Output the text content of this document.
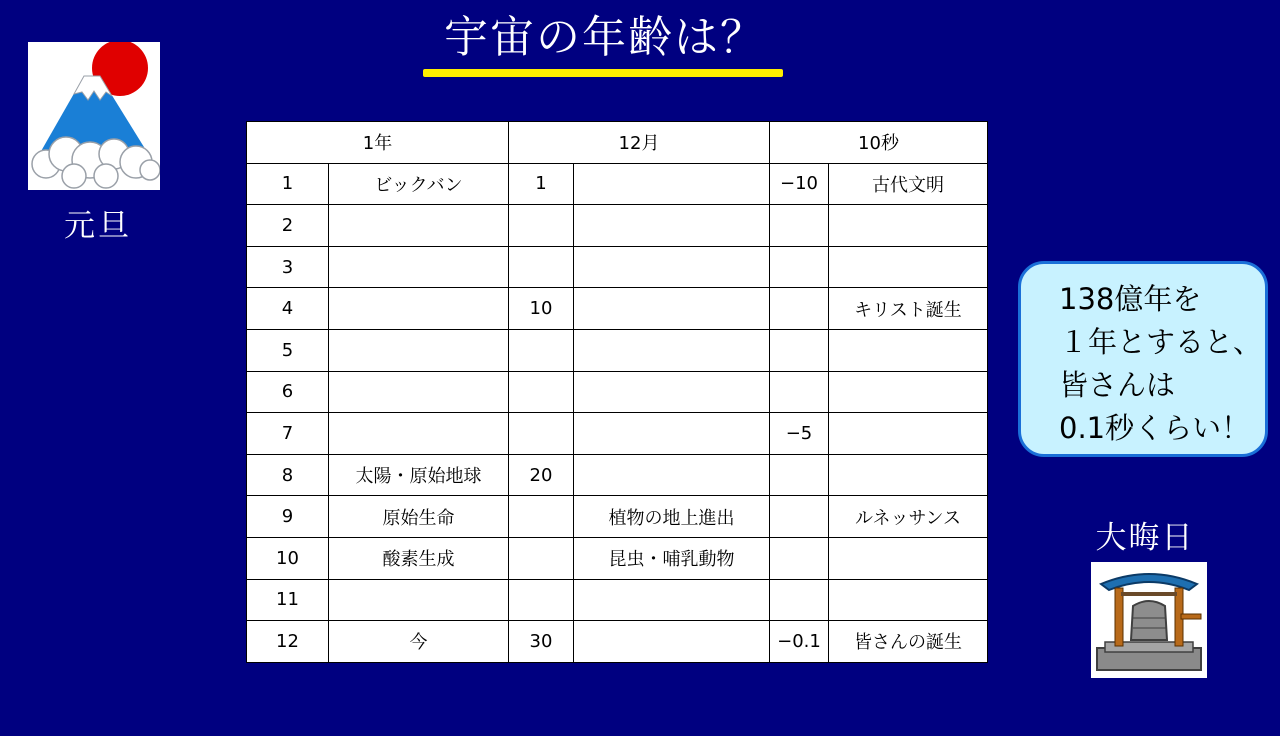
宇宙の年齢は？
元旦
1年		12月		10秒	
1	ビックバン	1		−10	古代文明
2					
3					
4		10			キリスト誕生
5					
6					
7				−5	
8	太陽・原始地球	20			
9	原始生命		植物の地上進出		ルネッサンス
10	酸素生成		昆虫・哺乳動物		
11					
12	今	30		−0.1	皆さんの誕生
138億年を
１年とすると、
皆さんは
0.1秒くらい！
大晦日
